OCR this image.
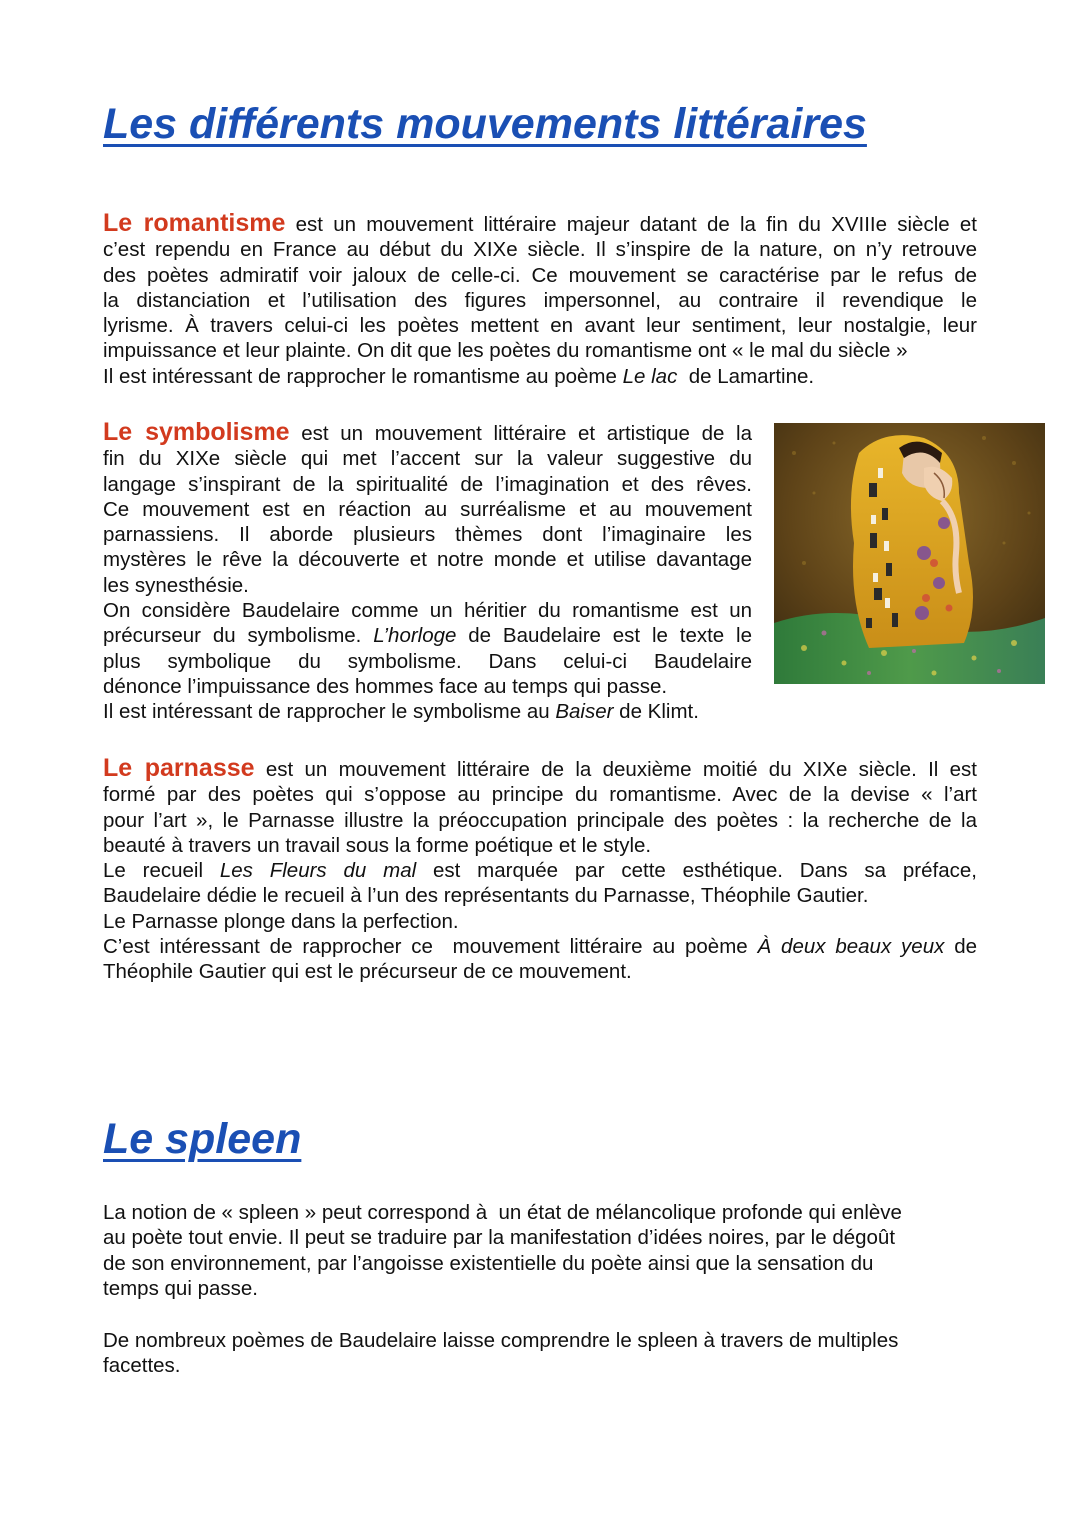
Les différents mouvements littéraires
Le romantisme est un mouvement littéraire majeur datant de la fin du XVIIIe siècle et
c’est rependu en France au début du XIXe siècle. Il s’inspire de la nature, on n’y retrouve
des poètes admiratif voir jaloux de celle-ci. Ce mouvement se caractérise par le refus de
la distanciation et l’utilisation des figures impersonnel, au contraire il revendique le
lyrisme. À travers celui-ci les poètes mettent en avant leur sentiment, leur nostalgie, leur
impuissance et leur plainte. On dit que les poètes du romantisme ont « le mal du siècle »
Il est intéressant de rapprocher le romantisme au poème Le lac  de Lamartine.
Le symbolisme est un mouvement littéraire et artistique de la
fin du XIXe siècle qui met l’accent sur la valeur suggestive du
langage s’inspirant de la spiritualité de l’imagination et des rêves.
Ce mouvement est en réaction au surréalisme et au mouvement
parnassiens. Il aborde plusieurs thèmes dont l’imaginaire les
mystères le rêve la découverte et notre monde et utilise davantage
les synesthésie.
On considère Baudelaire comme un héritier du romantisme est un
précurseur du symbolisme. L’horloge de Baudelaire est le texte le
plus symbolique du symbolisme. Dans celui-ci Baudelaire
dénonce l’impuissance des hommes face au temps qui passe.
Il est intéressant de rapprocher le symbolisme au Baiser de Klimt.
Le parnasse est un mouvement littéraire de la deuxième moitié du XIXe siècle. Il est
formé par des poètes qui s’oppose au principe du romantisme. Avec de la devise « l’art
pour l’art », le Parnasse illustre la préoccupation principale des poètes : la recherche de la
beauté à travers un travail sous la forme poétique et le style.
Le recueil Les Fleurs du mal est marquée par cette esthétique. Dans sa préface,
Baudelaire dédie le recueil à l’un des représentants du Parnasse, Théophile Gautier.
Le Parnasse plonge dans la perfection.
C’est intéressant de rapprocher ce  mouvement littéraire au poème À deux beaux yeux de
Théophile Gautier qui est le précurseur de ce mouvement.
Le spleen
La notion de « spleen » peut correspond à  un état de mélancolique profonde qui enlève
au poète tout envie. Il peut se traduire par la manifestation d’idées noires, par le dégoût
de son environnement, par l’angoisse existentielle du poète ainsi que la sensation du
temps qui passe.
De nombreux poèmes de Baudelaire laisse comprendre le spleen à travers de multiples
facettes.
